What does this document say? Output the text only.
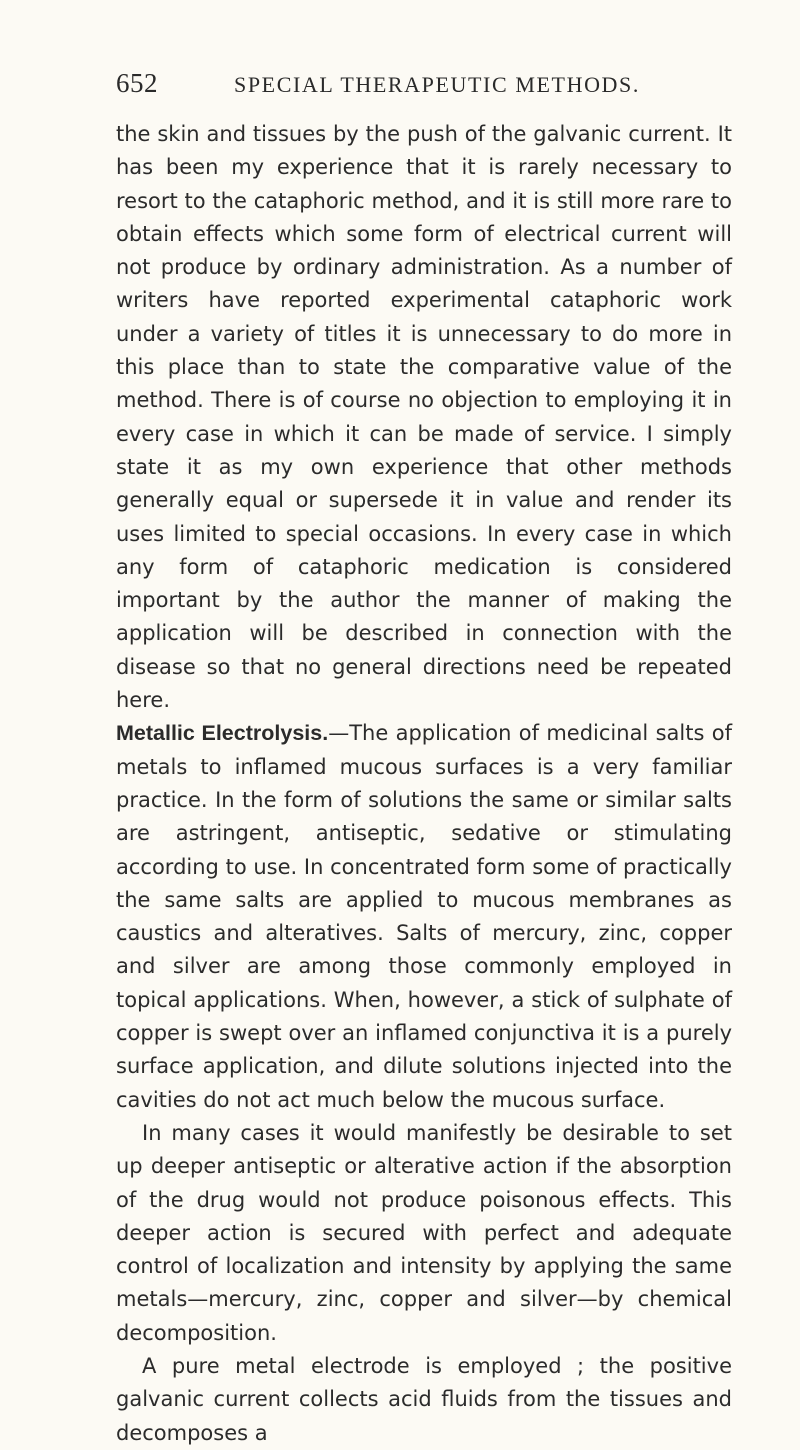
652	SPECIAL THERAPEUTIC METHODS.

the skin and tissues by the push of the galvanic current. It has been my experience that it is rarely necessary to resort to the cataphoric method, and it is still more rare to obtain effects which some form of electrical current will not produce by ordinary administration. As a number of writers have reported experimental cataphoric work under a variety of titles it is unnecessary to do more in this place than to state the comparative value of the method. There is of course no objection to employing it in every case in which it can be made of service. I simply state it as my own experience that other methods generally equal or supersede it in value and render its uses limited to special occasions. In every case in which any form of cataphoric medication is considered important by the author the manner of making the application will be described in connection with the disease so that no general directions need be repeated here.

Metallic Electrolysis.—The application of medicinal salts of metals to inflamed mucous surfaces is a very familiar practice. In the form of solutions the same or similar salts are astringent, antiseptic, sedative or stimulating according to use. In concentrated form some of practically the same salts are applied to mucous membranes as caustics and alteratives. Salts of mercury, zinc, copper and silver are among those commonly employed in topical applications. When, however, a stick of sulphate of copper is swept over an inflamed conjunctiva it is a purely surface application, and dilute solutions injected into the cavities do not act much below the mucous surface.

In many cases it would manifestly be desirable to set up deeper antiseptic or alterative action if the absorption of the drug would not produce poisonous effects. This deeper action is secured with perfect and adequate control of localization and intensity by applying the same metals—mercury, zinc, copper and silver—by chemical decomposition.

A pure metal electrode is employed ; the positive galvanic current collects acid fluids from the tissues and decomposes a
